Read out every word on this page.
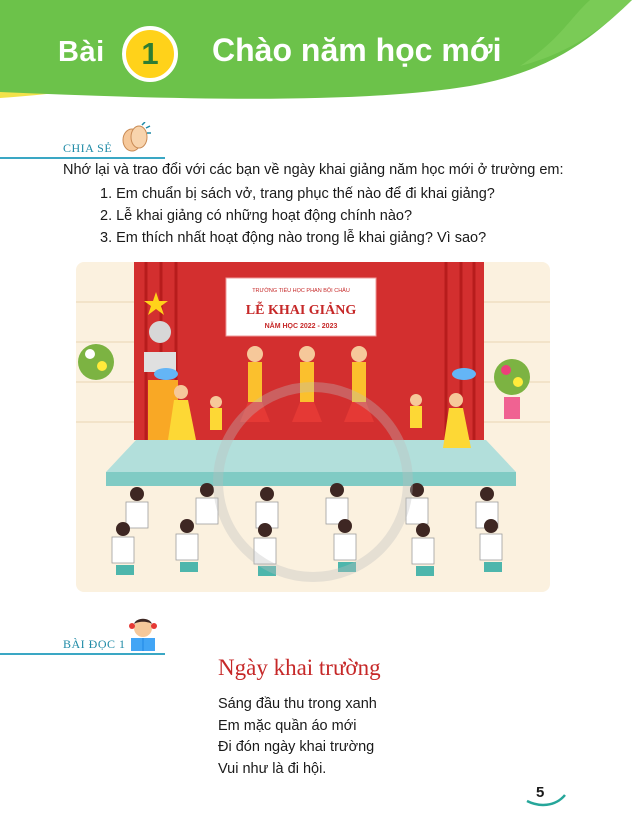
Bài	1	Chào năm học mới
CHIA SẺ
Nhớ lại và trao đổi với các bạn về ngày khai giảng năm học mới ở trường em:
1. Em chuẩn bị sách vở, trang phục thế nào để đi khai giảng?
2. Lễ khai giảng có những hoạt động chính nào?
3. Em thích nhất hoạt động nào trong lễ khai giảng? Vì sao?
TRƯỜNG TIỂU HỌC PHAN BỘI CHÂU
LỄ KHAI GIẢNG
NĂM HỌC 2022 - 2023
BÀI ĐỌC 1
Ngày khai trường
Sáng đầu thu trong xanh
Em mặc quần áo mới
Đi đón ngày khai trường
Vui như là đi hội.
5
